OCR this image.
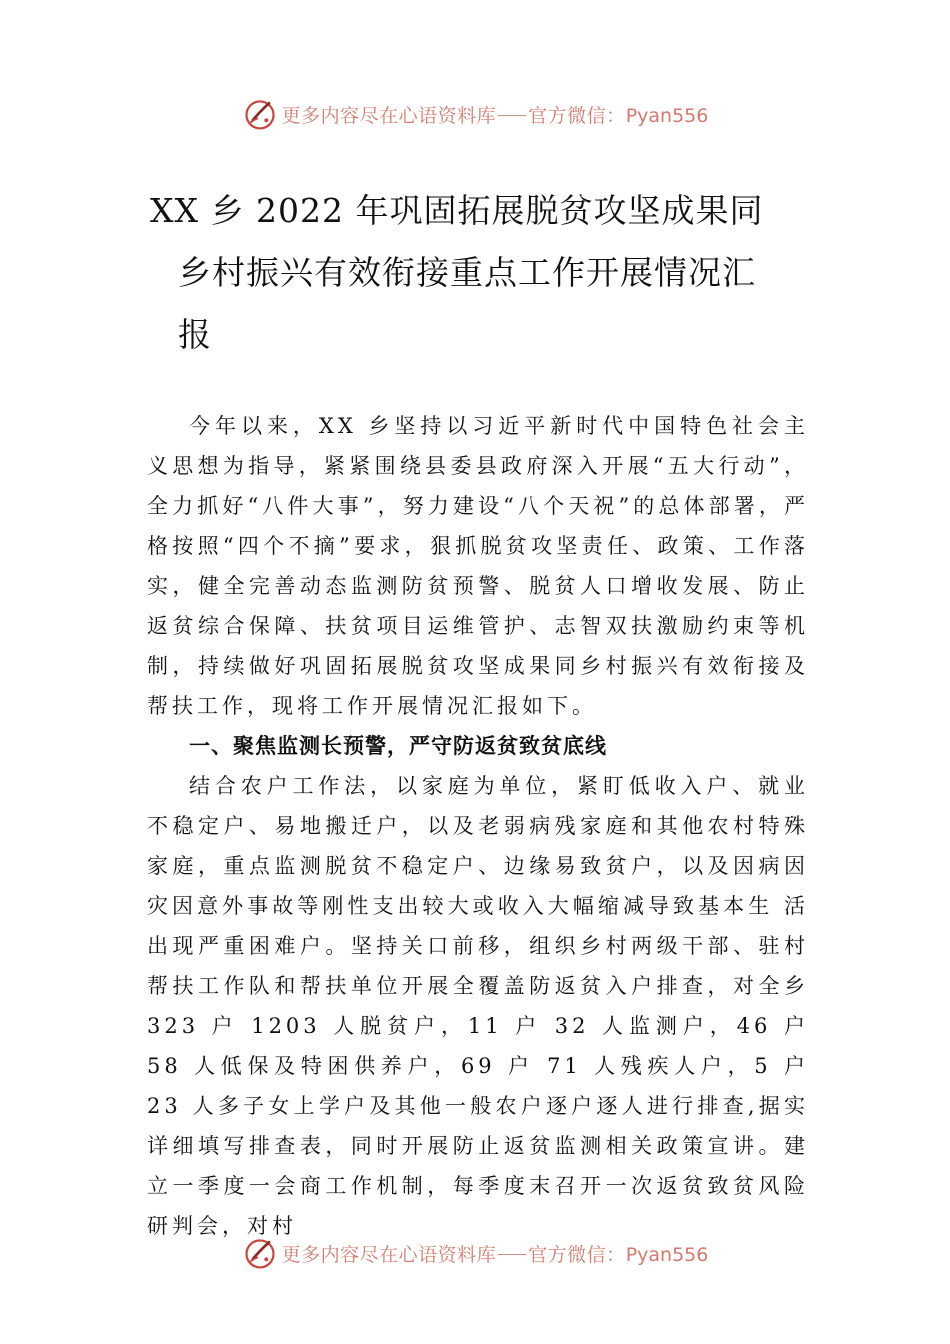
更多内容尽在心语资料库 官方微信：Pyan556
XX 乡 2022 年巩固拓展脱贫攻坚成果同
乡村振兴有效衔接重点工作开展情况汇
报

今年以来，XX 乡坚持以习近平新时代中国特色社会主义思想为指导，紧紧围绕县委县政府深入开展“五大行动”，全力抓好“八件大事”，努力建设“八个天祝”的总体部署，严格按照“四个不摘”要求，狠抓脱贫攻坚责任、政策、工作落实，健全完善动态监测防贫预警、脱贫人口增收发展、防止返贫综合保障、扶贫项目运维管护、志智双扶激励约束等机制，持续做好巩固拓展脱贫攻坚成果同乡村振兴有效衔接及帮扶工作，现将工作开展情况汇报如下。

一、聚焦监测长预警，严守防返贫致贫底线

结合农户工作法，以家庭为单位，紧盯低收入户、就业不稳定户、易地搬迁户，以及老弱病残家庭和其他农村特殊家庭，重点监测脱贫不稳定户、边缘易致贫户，以及因病因 灾因意外事故等刚性支出较大或收入大幅缩减导致基本生 活出现严重困难户。坚持关口前移，组织乡村两级干部、驻村帮扶工作队和帮扶单位开展全覆盖防返贫入户排查，对全乡 323 户 1203 人脱贫户，11 户 32 人监测户，46 户 58 人低保及特困供养户，69 户 71 人残疾人户，5 户 23 人多子女上学户及其他一般农户逐户逐人进行排查,据实详细填写排查表，同时开展防止返贫监测相关政策宣讲。建立一季度一会商工作机制，每季度末召开一次返贫致贫风险研判会，对村

更多内容尽在心语资料库 官方微信：Pyan556
